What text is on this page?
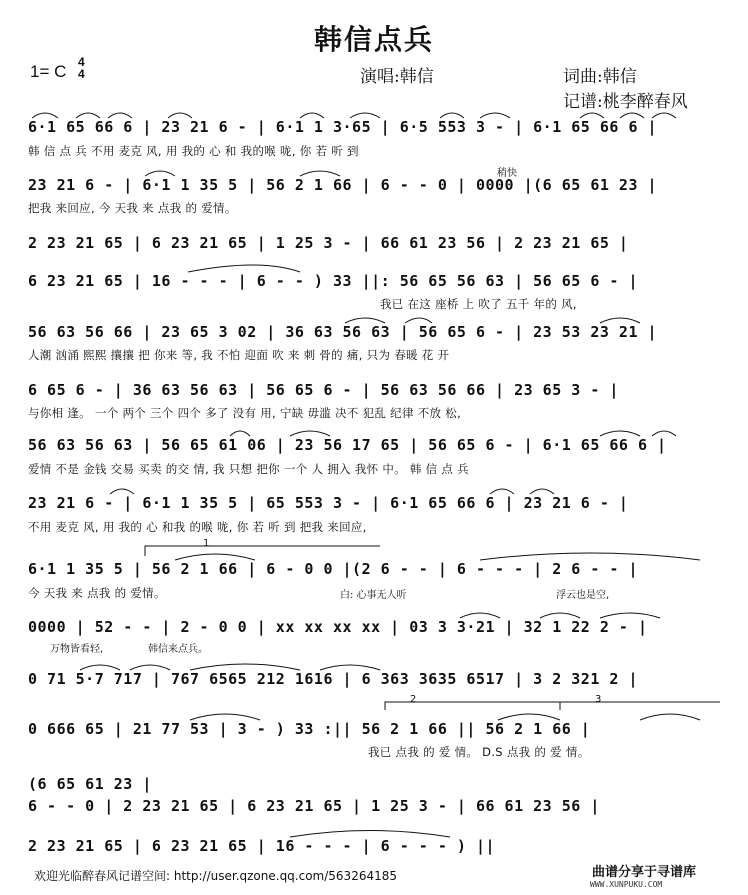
韩信点兵
1= C 4
4	演唱:韩信	词曲:韩信
记谱:桃李醉春风
稍快
1
2	3
6·1 65 66 6 | 23 21 6 - | 6·1 1 3·65 | 6·5 553 3 - | 6·1 65 66 6 |
韩 信 点 兵 不用 麦克 风, 用 我的 心 和 我的喉 咙, 你 若 听 到
23 21 6 - | 6·1 1 35 5 | 56 2 1 66 | 6 - - 0 | 0000 |(6 65 61 23 |
把我 来回应, 今 天我 来 点我 的 爱情。
2 23 21 65 | 6 23 21 65 | 1 25 3 - | 66 61 23 56 | 2 23 21 65 |
6 23 21 65 | 16 - - - | 6 - - ) 33 ||: 56 65 56 63 | 56 65 6 - |
我已 在这 座桥 上 吹了 五千 年的 风,
56 63 56 66 | 23 65 3 02 | 36 63 56 63 | 56 65 6 - | 23 53 23 21 |
人潮 汹涌 熙熙 攘攘 把 你来 等, 我 不怕 迎面 吹 来 刺 骨的 痛, 只为 春暖 花 开
6 65 6 - | 36 63 56 63 | 56 65 6 - | 56 63 56 66 | 23 65 3 - |
与你相 逢。 一个 两个 三个 四个 多了 没有 用, 宁缺 毋滥 决不 犯乱 纪律 不放 松,
56 63 56 63 | 56 65 61 06 | 23 56 17 65 | 56 65 6 - | 6·1 65 66 6 |
爱情 不是 金钱 交易 买卖 的交 情, 我 只想 把你 一个 人 拥入 我怀 中。 韩 信 点 兵
23 21 6 - | 6·1 1 35 5 | 65 553 3 - | 6·1 65 66 6 | 23 21 6 - |
不用 麦克 风, 用 我的 心 和我 的喉 咙, 你 若 听 到 把我 来回应,
6·1 1 35 5 | 56 2 1 66 | 6 - 0 0 |(2 6 - - | 6 - - - | 2 6 - - |
今 天我 来 点我 的 爱情。	白: 心事无人听	浮云也是空,
0000 | 52 - - | 2 - 0 0 | xx xx xx xx | 03 3 3·21 | 32 1 22 2 - |
万物皆看轻,	韩信来点兵。
0 71 5·7 717 | 767 6565 212 1616 | 6 363 3635 6517 | 3 2 321 2 |
0 666 65 | 21 77 53 | 3 - ) 33 :|| 56 2 1 66 || 56 2 1 66 |
我已 点我 的 爱 情。 D.S 点我 的 爱 情。
(6 65 61 23 |
6 - - 0 | 2 23 21 65 | 6 23 21 65 | 1 25 3 - | 66 61 23 56 |
2 23 21 65 | 6 23 21 65 | 16 - - - | 6 - - - ) ||
欢迎光临醉春风记谱空间: http://user.qzone.qq.com/563264185	曲谱分享于寻谱库
WWW.XUNPUKU.COM
